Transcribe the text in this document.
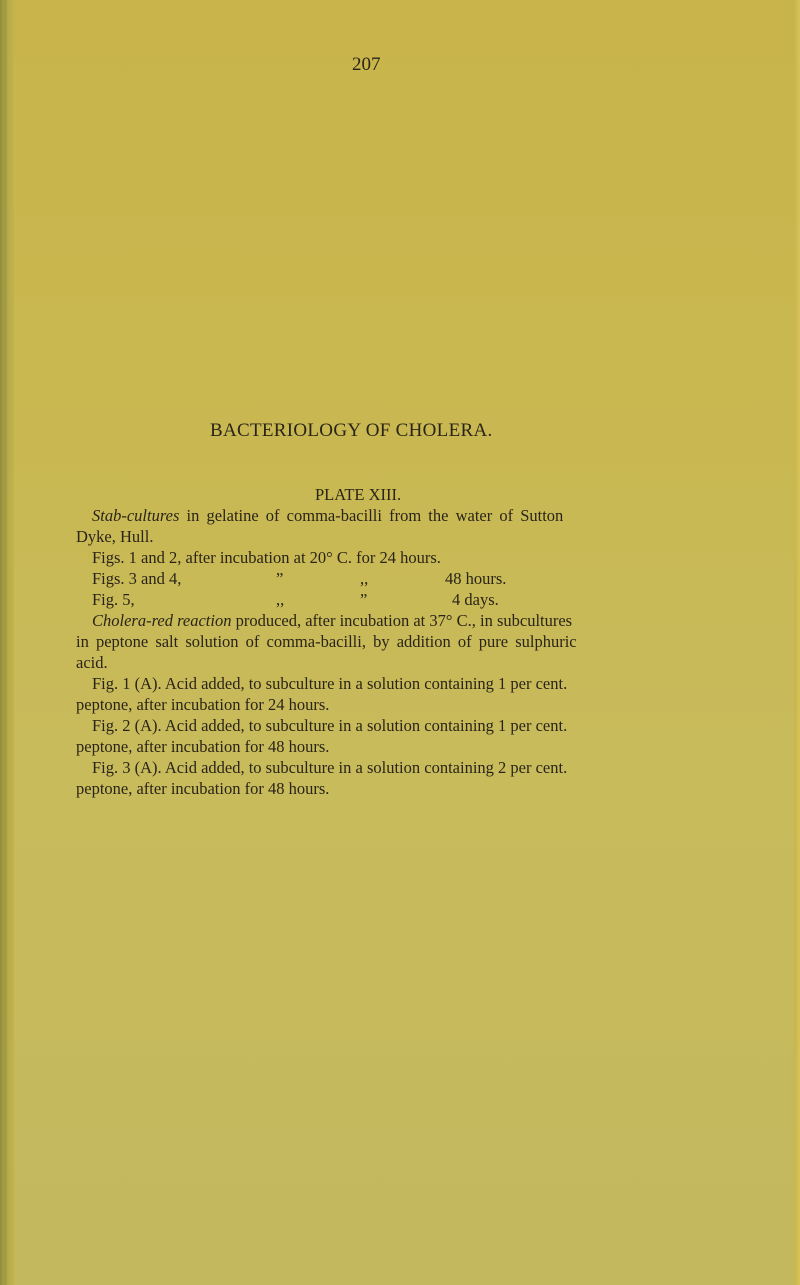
207
BACTERIOLOGY OF CHOLERA.
PLATE XIII.
Stab-cultures in gelatine of comma-bacilli from the water of Sutton
Dyke, Hull.
Figs. 1 and 2, after incubation at 20° C. for 24 hours.
Figs. 3 and 4,	”	,,	48 hours.
Fig. 5,	,,	”	4 days.
Cholera-red reaction produced, after incubation at 37° C., in subcultures
in peptone salt solution of comma-bacilli, by addition of pure sulphuric
acid.
Fig. 1 (A). Acid added, to subculture in a solution containing 1 per cent.
peptone, after incubation for 24 hours.
Fig. 2 (A). Acid added, to subculture in a solution containing 1 per cent.
peptone, after incubation for 48 hours.
Fig. 3 (A). Acid added, to subculture in a solution containing 2 per cent.
peptone, after incubation for 48 hours.
